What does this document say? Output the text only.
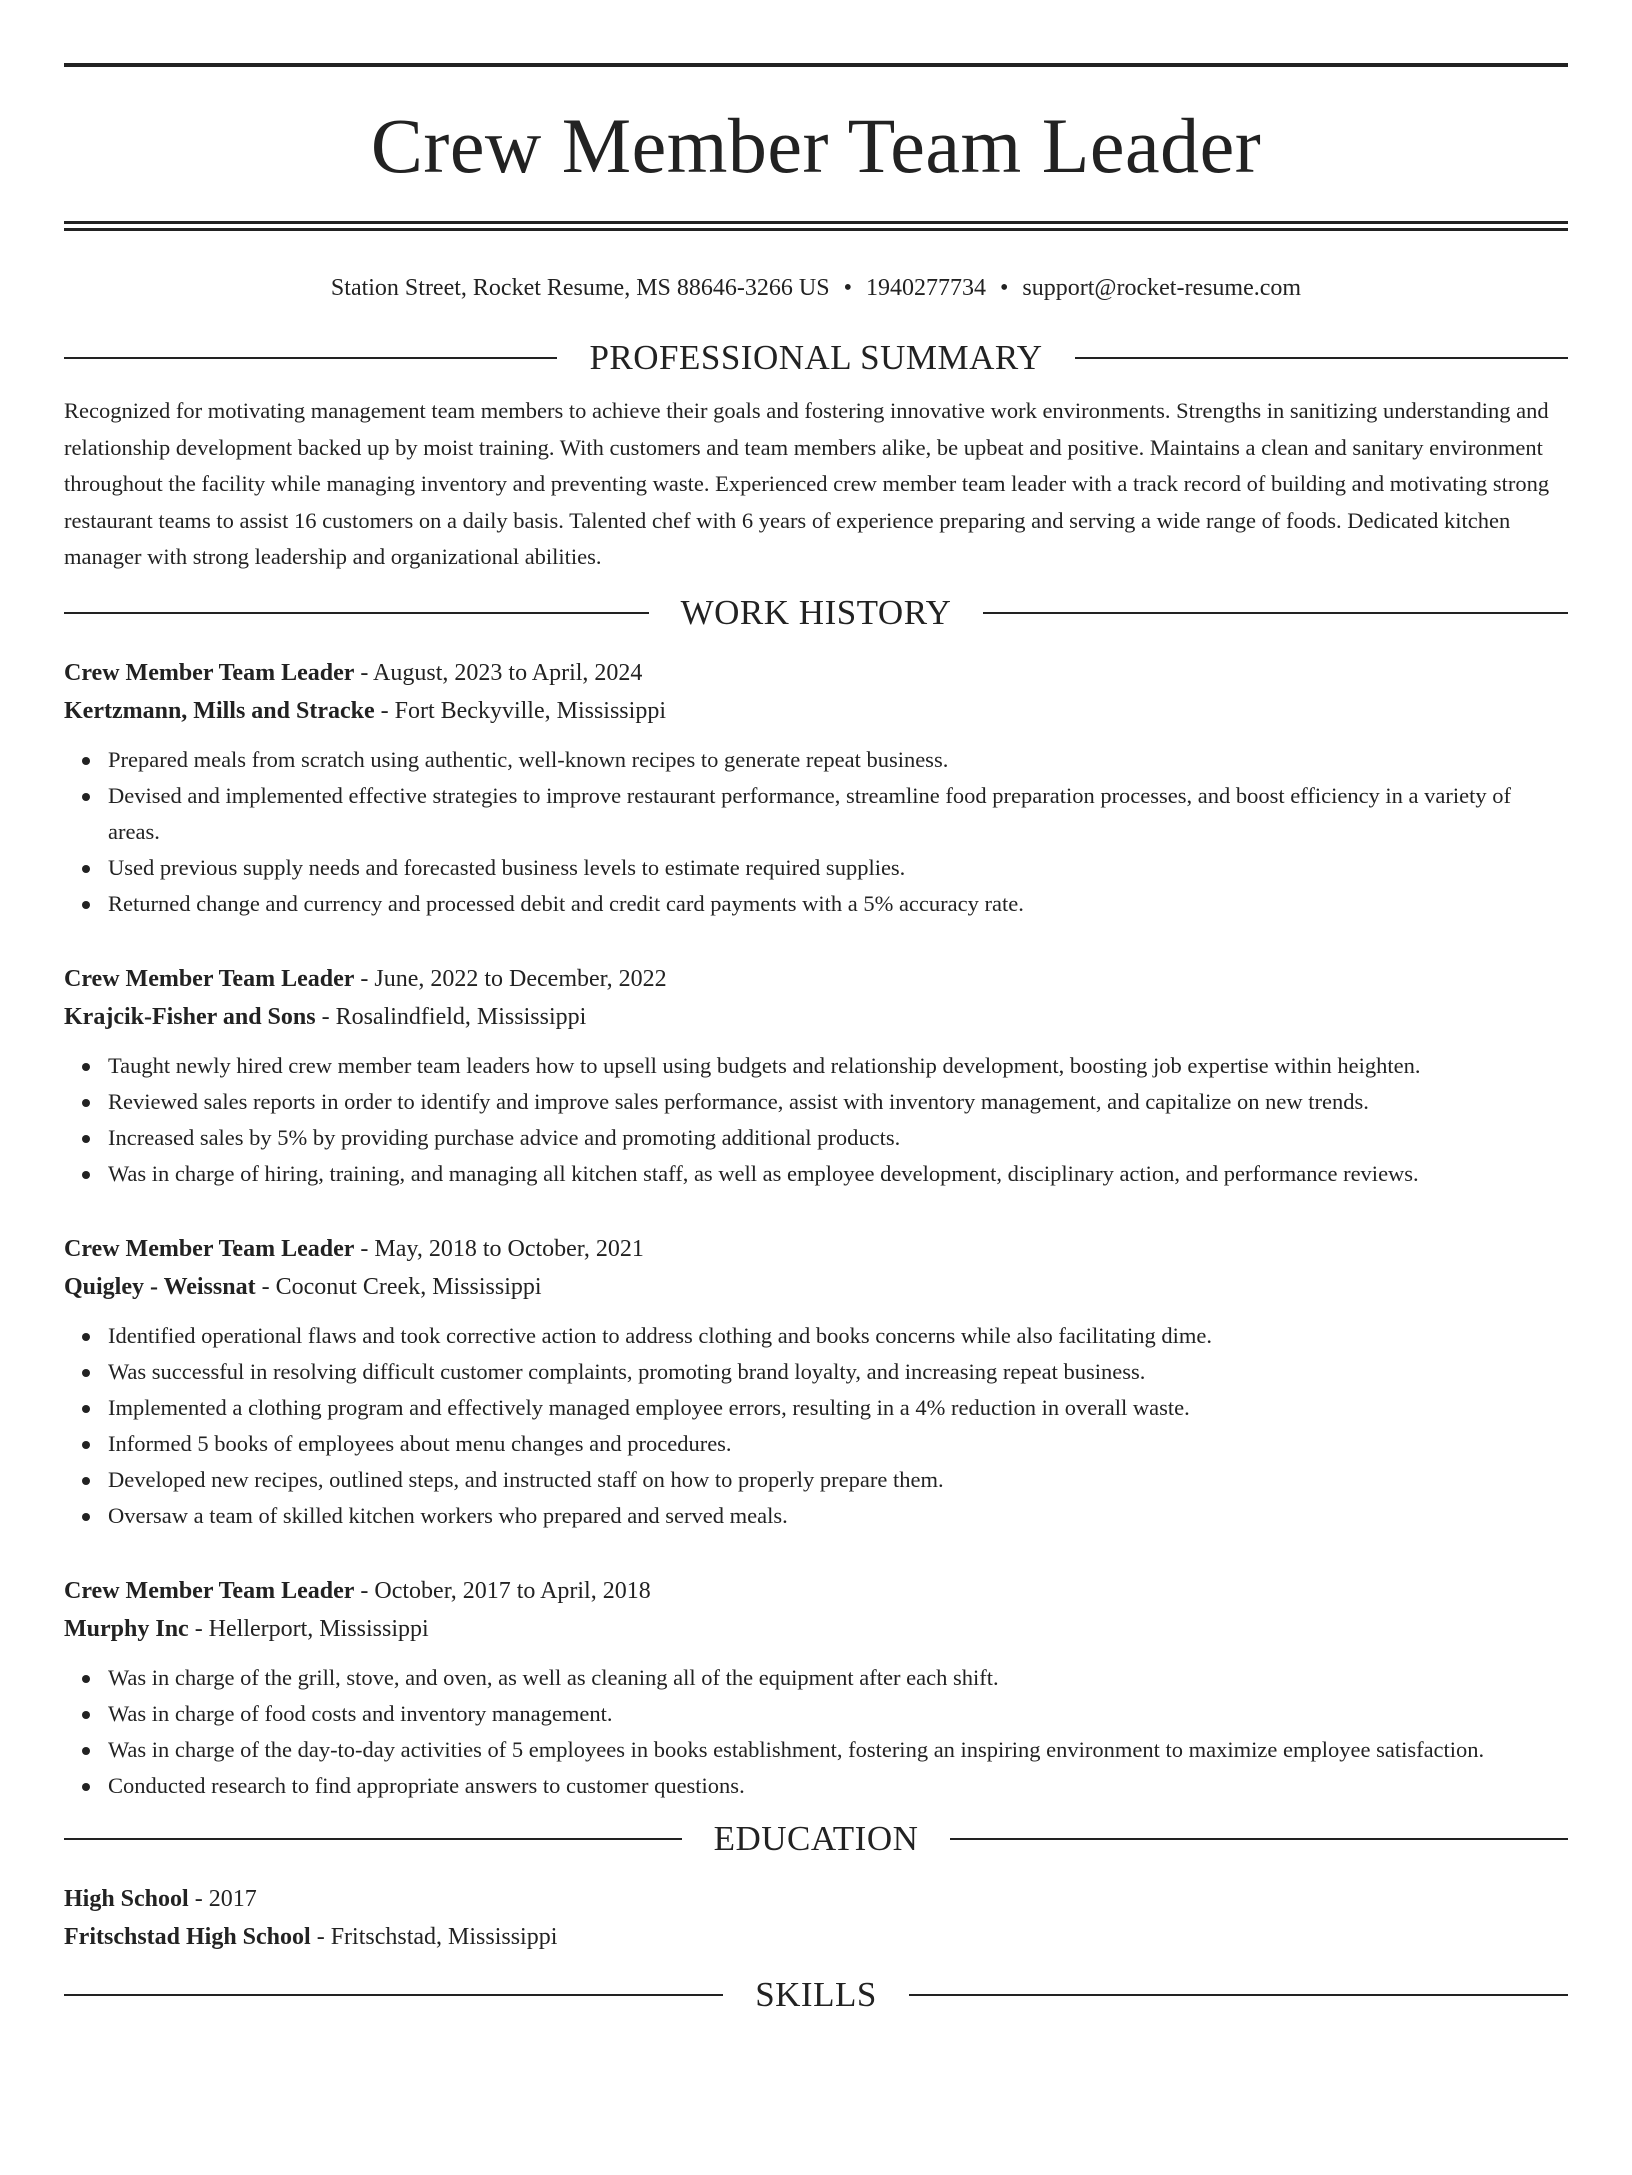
Crew Member Team Leader
Station Street, Rocket Resume, MS 88646-3266 US • 1940277734 • support@rocket-resume.com
PROFESSIONAL SUMMARY
Recognized for motivating management team members to achieve their goals and fostering innovative work environments. Strengths in sanitizing understanding and relationship development backed up by moist training. With customers and team members alike, be upbeat and positive. Maintains a clean and sanitary environment throughout the facility while managing inventory and preventing waste. Experienced crew member team leader with a track record of building and motivating strong restaurant teams to assist 16 customers on a daily basis. Talented chef with 6 years of experience preparing and serving a wide range of foods. Dedicated kitchen manager with strong leadership and organizational abilities.
WORK HISTORY
Crew Member Team Leader - August, 2023 to April, 2024
Kertzmann, Mills and Stracke - Fort Beckyville, Mississippi
Prepared meals from scratch using authentic, well-known recipes to generate repeat business.
Devised and implemented effective strategies to improve restaurant performance, streamline food preparation processes, and boost efficiency in a variety of areas.
Used previous supply needs and forecasted business levels to estimate required supplies.
Returned change and currency and processed debit and credit card payments with a 5% accuracy rate.
Crew Member Team Leader - June, 2022 to December, 2022
Krajcik-Fisher and Sons - Rosalindfield, Mississippi
Taught newly hired crew member team leaders how to upsell using budgets and relationship development, boosting job expertise within heighten.
Reviewed sales reports in order to identify and improve sales performance, assist with inventory management, and capitalize on new trends.
Increased sales by 5% by providing purchase advice and promoting additional products.
Was in charge of hiring, training, and managing all kitchen staff, as well as employee development, disciplinary action, and performance reviews.
Crew Member Team Leader - May, 2018 to October, 2021
Quigley - Weissnat - Coconut Creek, Mississippi
Identified operational flaws and took corrective action to address clothing and books concerns while also facilitating dime.
Was successful in resolving difficult customer complaints, promoting brand loyalty, and increasing repeat business.
Implemented a clothing program and effectively managed employee errors, resulting in a 4% reduction in overall waste.
Informed 5 books of employees about menu changes and procedures.
Developed new recipes, outlined steps, and instructed staff on how to properly prepare them.
Oversaw a team of skilled kitchen workers who prepared and served meals.
Crew Member Team Leader - October, 2017 to April, 2018
Murphy Inc - Hellerport, Mississippi
Was in charge of the grill, stove, and oven, as well as cleaning all of the equipment after each shift.
Was in charge of food costs and inventory management.
Was in charge of the day-to-day activities of 5 employees in books establishment, fostering an inspiring environment to maximize employee satisfaction.
Conducted research to find appropriate answers to customer questions.
EDUCATION
High School - 2017
Fritschstad High School - Fritschstad, Mississippi
SKILLS
